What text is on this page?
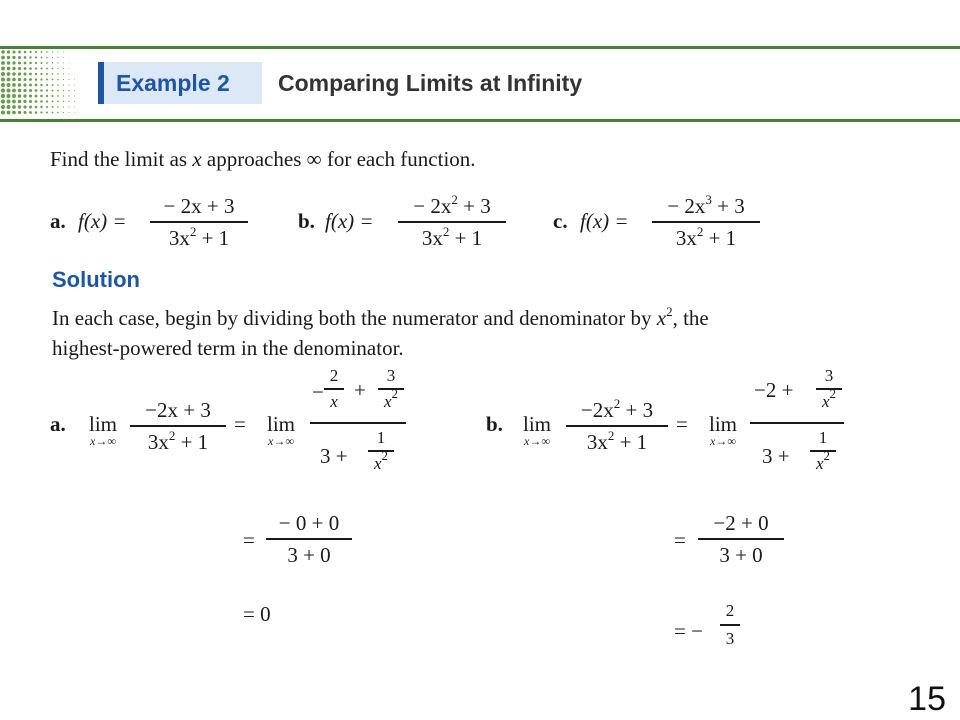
Example 2	Comparing Limits at Infinity
Find the limit as x approaches ∞ for each function.
a. f(x) =
− 2x + 3
$3x^2 + 1$
b. f(x) =
− $2x^2 + 3$
$3x^2 + 1$
c. f(x) =
− $2x^3 + 3$
$3x^2 + 1$
Solution
In each case, begin by dividing both the numerator and denominator by $x^2$, the
highest-powered term in the denominator.
a.	lim
x→∞
−2x + 3
$3x^2 + 1$
=	lim
x→∞
−
2
x +
3
$x^2$
3 +
1
$x^2$
=
− 0 + 0
3 + 0
= 0
b. lim
x→∞
$-2x^2 + 3$
$3x^2 + 1$
=	lim
x→∞
−2 +
3
$x^2$
3 +
1
$x^2$
=
−2 + 0
3 + 0
= −
2
3
15
